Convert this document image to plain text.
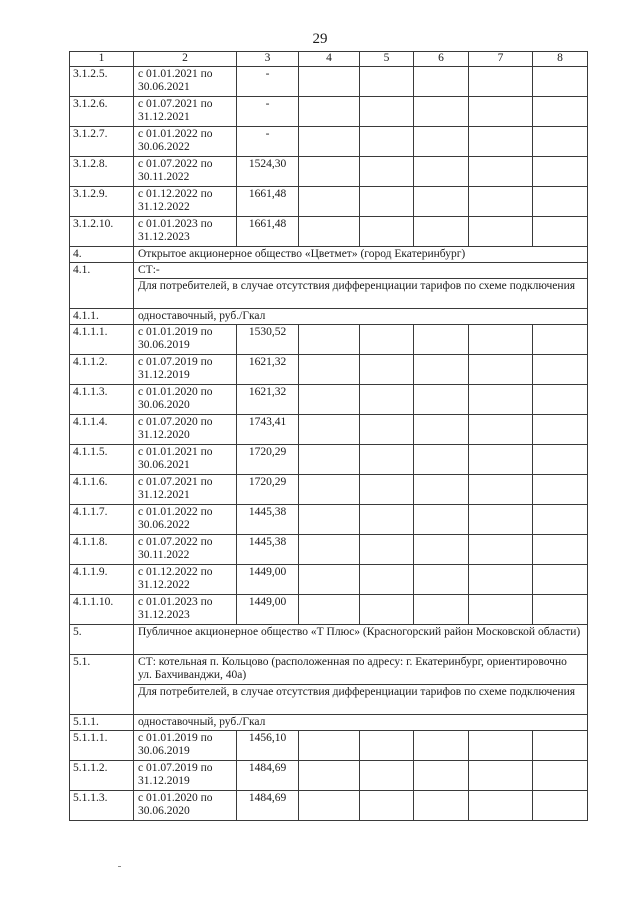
29
1	2	3	4	5	6	7	8
3.1.2.5.	с 01.01.2021 по 30.06.2021	-					
3.1.2.6.	с 01.07.2021 по 31.12.2021	-					
3.1.2.7.	с 01.01.2022 по 30.06.2022	-					
3.1.2.8.	с 01.07.2022 по 30.11.2022	1524,30					
3.1.2.9.	с 01.12.2022 по 31.12.2022	1661,48					
3.1.2.10.	с 01.01.2023 по 31.12.2023	1661,48					
4.	Открытое акционерное общество «Цветмет» (город Екатеринбург)						
4.1.	СТ:-						
	Для потребителей, в случае отсутствия дифференциации тарифов по схеме подключения						
4.1.1.	одноставочный, руб./Гкал						
4.1.1.1.	с 01.01.2019 по 30.06.2019	1530,52					
4.1.1.2.	с 01.07.2019 по 31.12.2019	1621,32					
4.1.1.3.	с 01.01.2020 по 30.06.2020	1621,32					
4.1.1.4.	с 01.07.2020 по 31.12.2020	1743,41					
4.1.1.5.	с 01.01.2021 по 30.06.2021	1720,29					
4.1.1.6.	с 01.07.2021 по 31.12.2021	1720,29					
4.1.1.7.	с 01.01.2022 по 30.06.2022	1445,38					
4.1.1.8.	с 01.07.2022 по 30.11.2022	1445,38					
4.1.1.9.	с 01.12.2022 по 31.12.2022	1449,00					
4.1.1.10.	с 01.01.2023 по 31.12.2023	1449,00					
5.	Публичное акционерное общество «Т Плюс» (Красногорский район Московской области)						
5.1.	СТ: котельная п. Кольцово (расположенная по адресу: г. Екатеринбург, ориентировочно ул. Бахчиванджи, 40а)						
	Для потребителей, в случае отсутствия дифференциации тарифов по схеме подключения						
5.1.1.	одноставочный, руб./Гкал						
5.1.1.1.	с 01.01.2019 по 30.06.2019	1456,10					
5.1.1.2.	с 01.07.2019 по 31.12.2019	1484,69					
5.1.1.3.	с 01.01.2020 по 30.06.2020	1484,69					
